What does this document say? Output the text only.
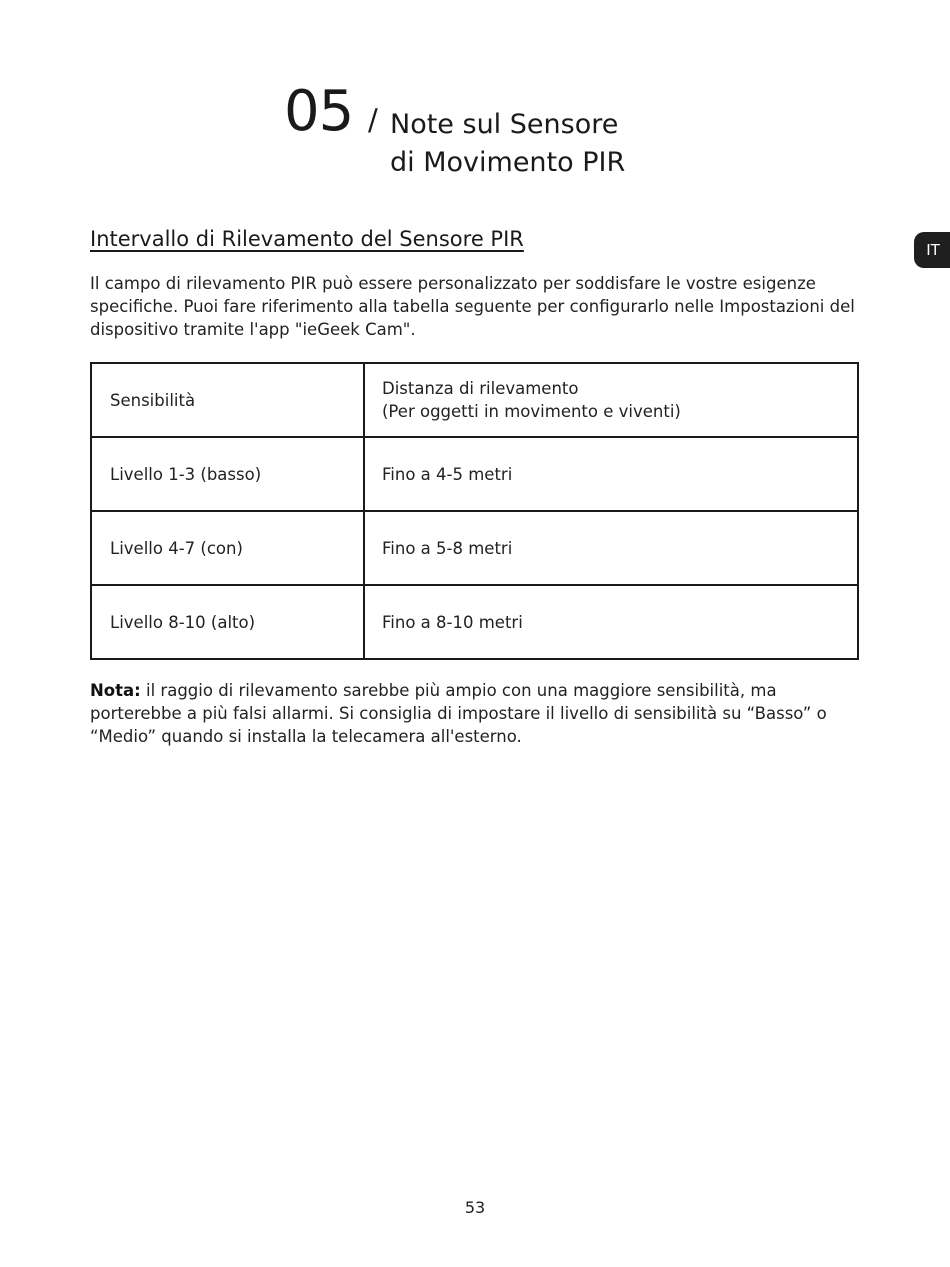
05 / Note sul Sensore
di Movimento PIR
IT
Intervallo di Rilevamento del Sensore PIR

Il campo di rilevamento PIR può essere personalizzato per soddisfare le vostre esigenze specifiche. Puoi fare riferimento alla tabella seguente per configurarlo nelle Impostazioni del dispositivo tramite l'app "ieGeek Cam".

Sensibilità	Distanza di rilevamento
(Per oggetti in movimento e viventi)

Livello 1-3 (basso)	Fino a 4-5 metri
Livello 4-7 (con)	Fino a 5-8 metri
Livello 8-10 (alto)	Fino a 8-10 metri

Nota: il raggio di rilevamento sarebbe più ampio con una maggiore sensibilità, ma porterebbe a più falsi allarmi. Si consiglia di impostare il livello di sensibilità su “Basso” o “Medio” quando si installa la telecamera all'esterno.

53
